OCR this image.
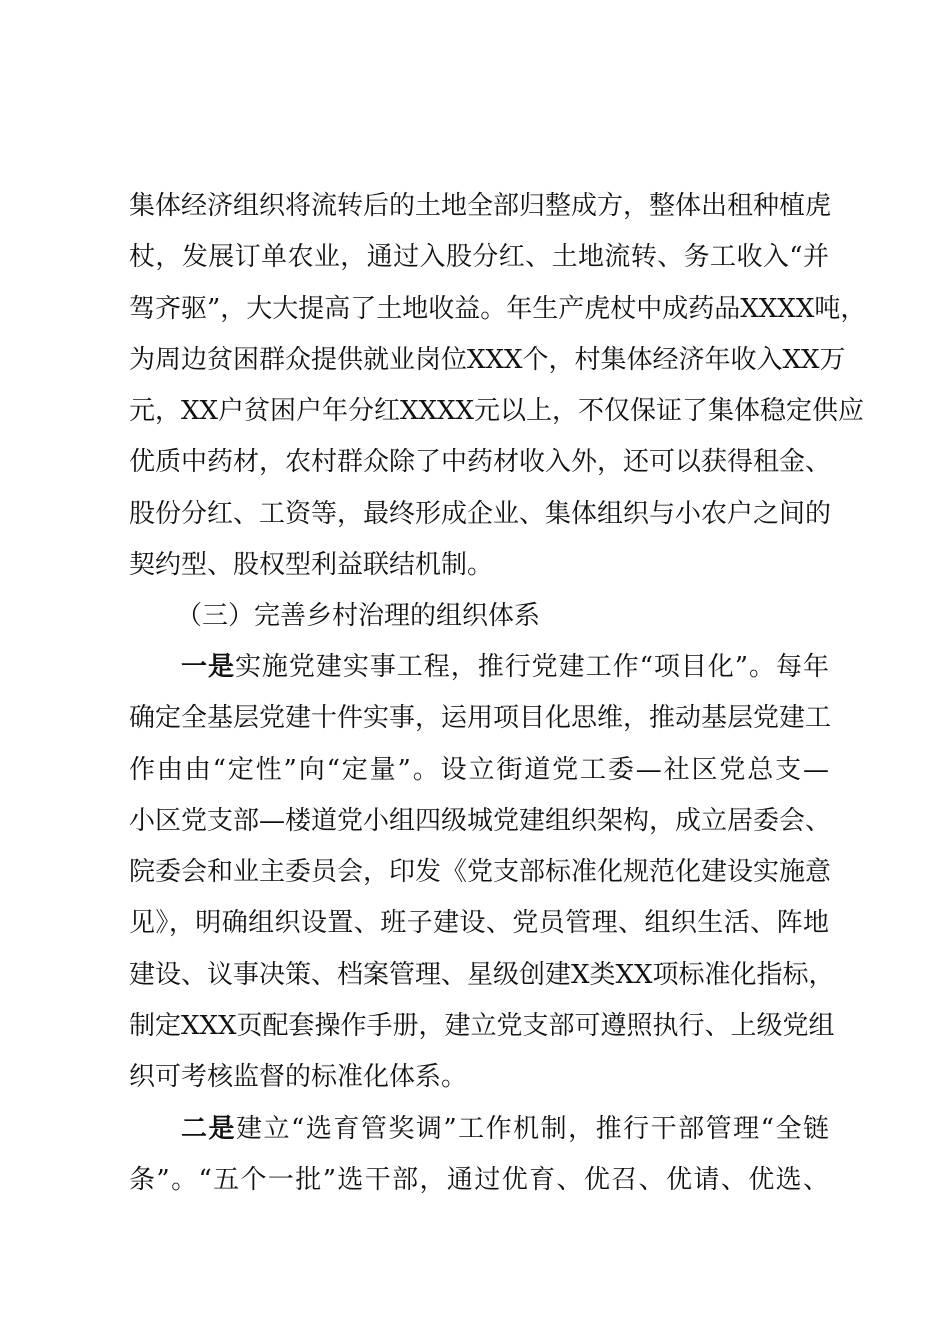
集体经济组织将流转后的土地全部归整成方，整体出租种植虎
杖，发展订单农业，通过入股分红、土地流转、务工收入“并
驾齐驱”，大大提高了土地收益。年生产虎杖中成药品XXXX吨，
为周边贫困群众提供就业岗位XXX个，村集体经济年收入XX万
元，XX户贫困户年分红XXXX元以上，不仅保证了集体稳定供应
优质中药材，农村群众除了中药材收入外，还可以获得租金、
股份分红、工资等，最终形成企业、集体组织与小农户之间的
契约型、股权型利益联结机制。
（三）完善乡村治理的组织体系
一是实施党建实事工程，推行党建工作“项目化”。每年
确定全基层党建十件实事，运用项目化思维，推动基层党建工
作由由“定性”向“定量”。设立街道党工委—社区党总支—
小区党支部—楼道党小组四级城党建组织架构，成立居委会、
院委会和业主委员会，印发《党支部标准化规范化建设实施意
见》，明确组织设置、班子建设、党员管理、组织生活、阵地
建设、议事决策、档案管理、星级创建X类XX项标准化指标，
制定XXX页配套操作手册，建立党支部可遵照执行、上级党组
织可考核监督的标准化体系。
二是建立“选育管奖调”工作机制，推行干部管理“全链
条”。“五个一批”选干部，通过优育、优召、优请、优选、
